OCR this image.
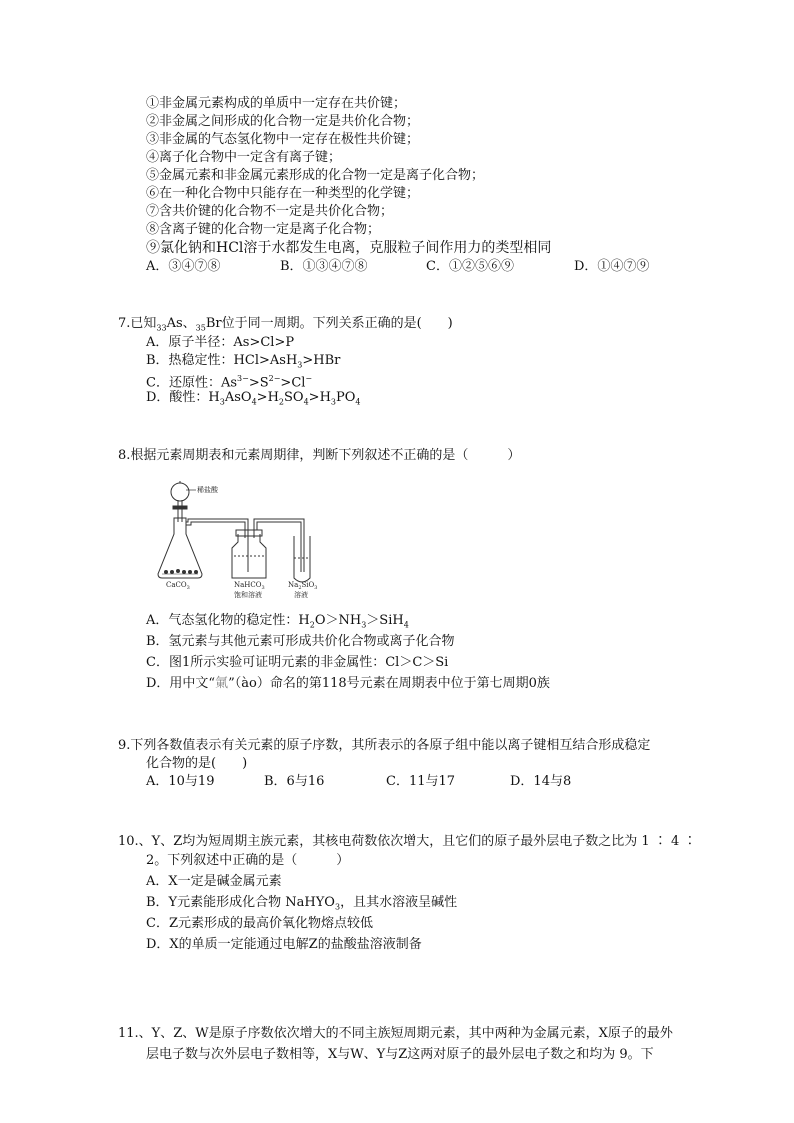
①非金属元素构成的单质中一定存在共价键；
②非金属之间形成的化合物一定是共价化合物；
③非金属的气态氢化物中一定存在极性共价键；
④离子化合物中一定含有离子键；
⑤金属元素和非金属元素形成的化合物一定是离子化合物；
⑥在一种化合物中只能存在一种类型的化学键；
⑦含共价键的化合物不一定是共价化合物；
⑧含离子键的化合物一定是离子化合物；
⑨氯化钠和HCl溶于水都发生电离，克服粒子间作用力的类型相同
A．③④⑦⑧	B．①③④⑦⑧	C．①②⑤⑥⑨	D．①④⑦⑨
7.已知$_{33}$As、$_{35}$Br位于同一周期。下列关系正确的是(　　)
A．原子半径：As>Cl>P
B．热稳定性：HCl>AsH$_3$>HBr
C．还原性：$As^{3-}>S^{2-}>Cl^-$
D．酸性：$H_3AsO_4>H_2SO_4>H_3PO_4$
8.根据元素周期表和元素周期律，判断下列叙述不正确的是（　　　）
稀盐酸
CaCO$_3$	NaHCO$_3$
饱和溶液
$Na_2SiO_3$
溶液
A．气态氢化物的稳定性：$H_2O>NH_3>SiH_4$
B．氢元素与其他元素可形成共价化合物或离子化合物
C．图1所示实验可证明元素的非金属性：Cl＞C＞Si
D．用中文“氭”（ào）命名的第118号元素在周期表中位于第七周期0族
9.下列各数值表示有关元素的原子序数，其所表示的各原子组中能以离子键相互结合形成稳定
化合物的是(　　)
A．10与19	B．6与16	C．11与17	D．14与8
10.、Y、Z均为短周期主族元素，其核电荷数依次增大，且它们的原子最外层电子数之比为 1 ∶ 4 ∶
2。下列叙述中正确的是（　　　）
A．X一定是碱金属元素
B．Y元素能形成化合物 NaHYO$_3$，且其水溶液呈碱性
C．Z元素形成的最高价氧化物熔点较低
D．X的单质一定能通过电解Z的盐酸盐溶液制备
11.、Y、Z、W是原子序数依次增大的不同主族短周期元素，其中两种为金属元素，X原子的最外
层电子数与次外层电子数相等，X与W、Y与Z这两对原子的最外层电子数之和均为 9。下
